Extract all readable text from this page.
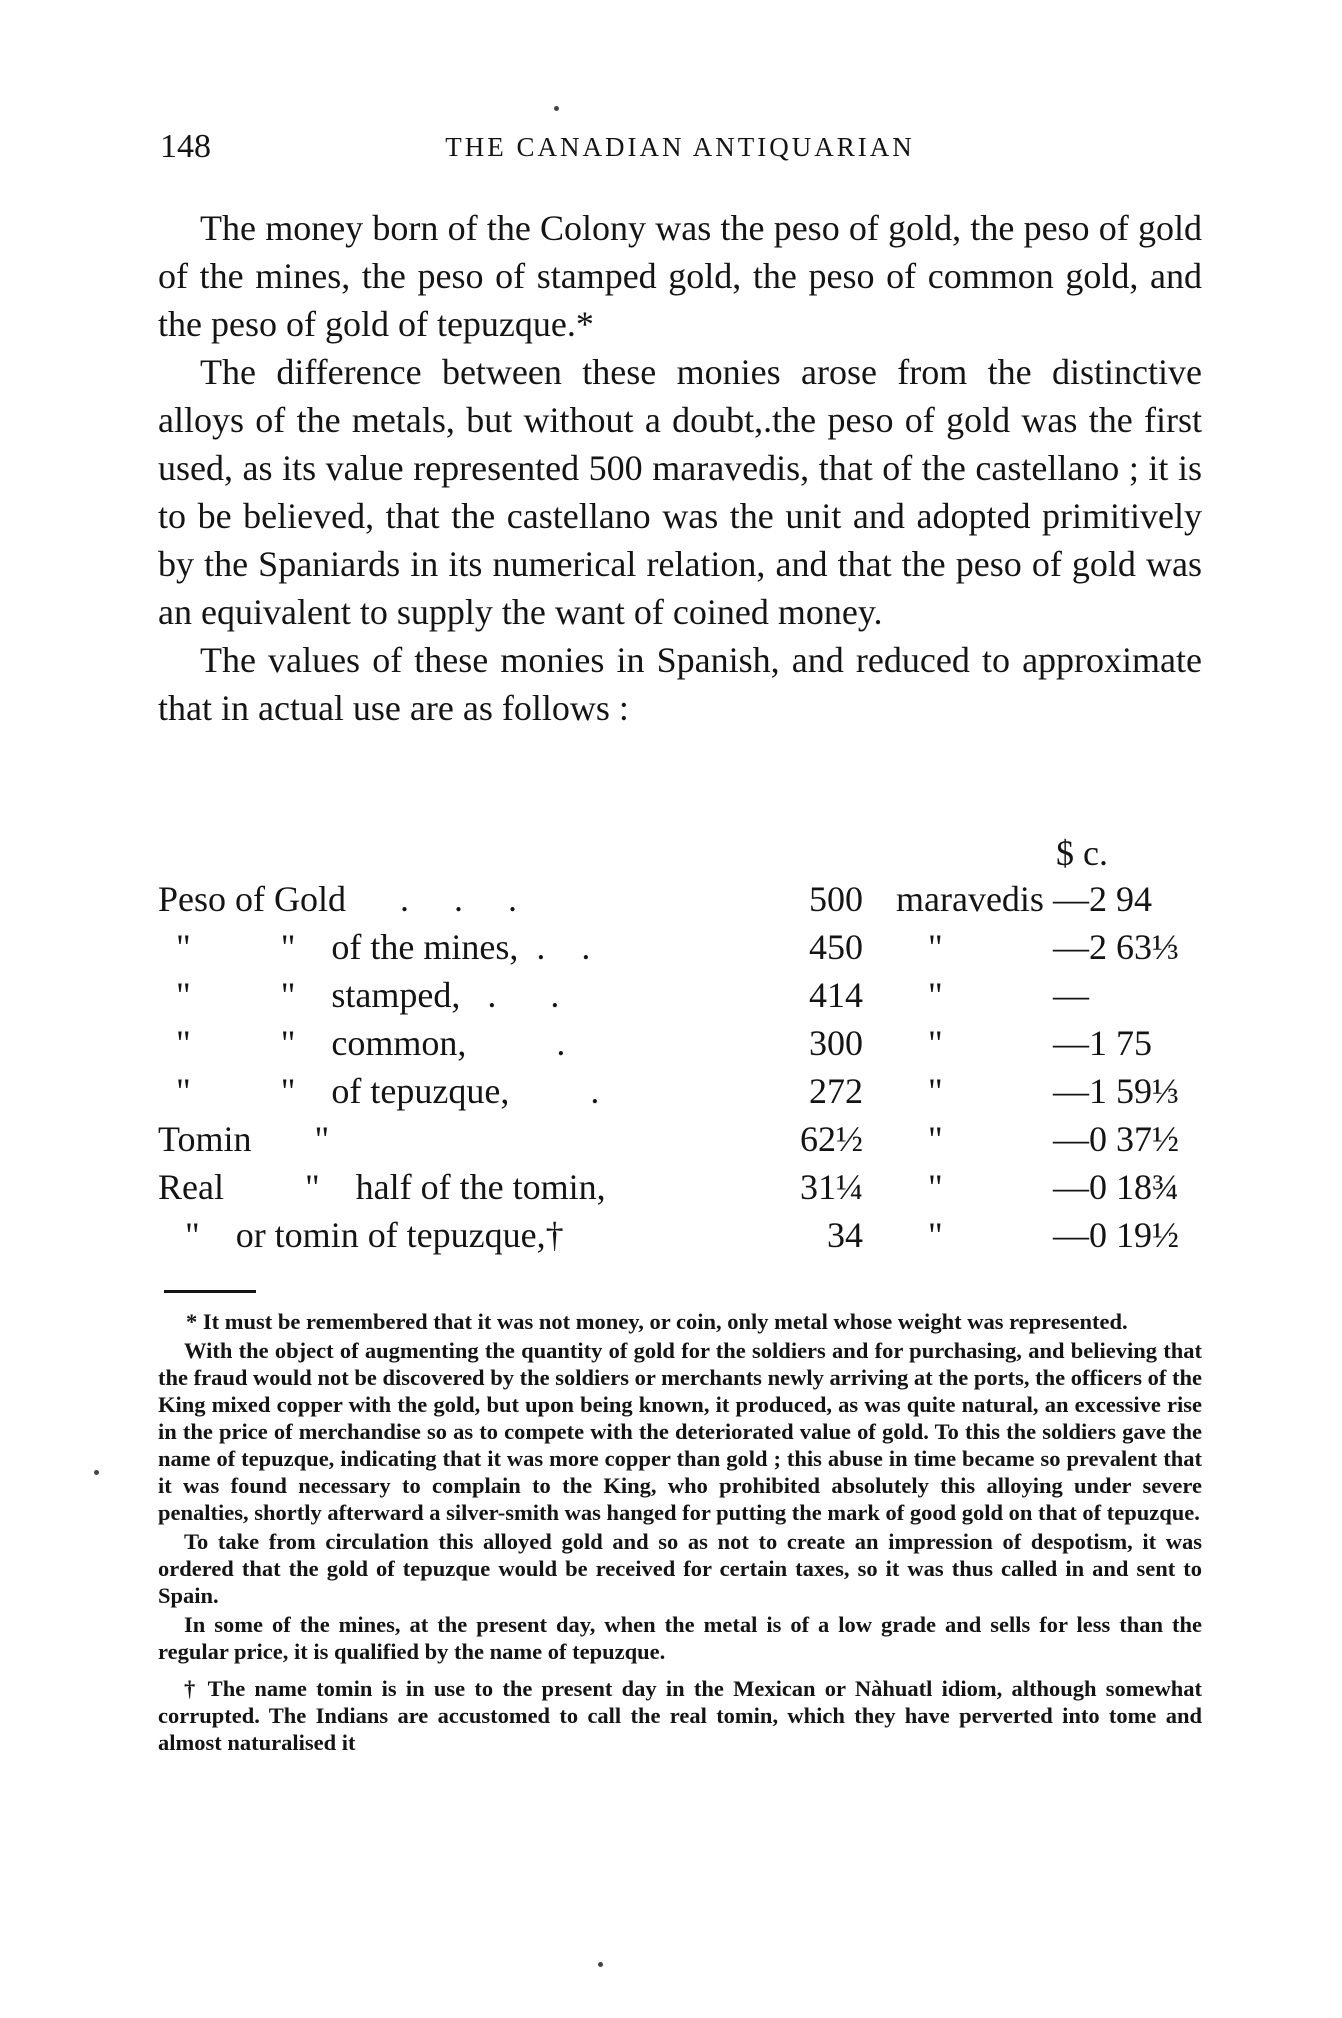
148	THE CANADIAN ANTIQUARIAN

The money born of the Colony was the peso of gold, the peso of gold of the mines, the peso of stamped gold, the peso of common gold, and the peso of gold of tepuzque.*

The difference between these monies arose from the distinctive alloys of the metals, but without a doubt,.the peso of gold was the first used, as its value represented 500 maravedis, that of the castellano ; it is to be believed, that the castellano was the unit and adopted primitively by the Spaniards in its numerical relation, and that the peso of gold was an equivalent to supply the want of coined money.

The values of these monies in Spanish, and reduced to approximate that in actual use are as follows :

$ c.
Peso of Gold      .     .     .	500 maravedis —2 94
"          "    of the mines,  .    .	450 "	—2 63⅓
"          "    stamped,   .      .	414 "	—
"          "    common,          .	300 "	—1 75
"          "    of tepuzque,         .	272 "	—1 59⅓
Tomin       "	62½ "	—0 37½
Real         "    half of the tomin,	31¼ "	—0 18¾
"    or tomin of tepuzque,†	34 "	—0 19½

* It must be remembered that it was not money, or coin, only metal whose weight was represented.

With the object of augmenting the quantity of gold for the soldiers and for purchasing, and believing that the fraud would not be discovered by the soldiers or merchants newly arriving at the ports, the officers of the King mixed copper with the gold, but upon being known, it produced, as was quite natural, an excessive rise in the price of merchandise so as to compete with the deteriorated value of gold. To this the soldiers gave the name of tepuzque, indicating that it was more copper than gold ; this abuse in time became so prevalent that it was found necessary to complain to the King, who prohibited absolutely this alloying under severe penalties, shortly afterward a silver-smith was hanged for putting the mark of good gold on that of tepuzque.

To take from circulation this alloyed gold and so as not to create an impression of despotism, it was ordered that the gold of tepuzque would be received for certain taxes, so it was thus called in and sent to Spain.

In some of the mines, at the present day, when the metal is of a low grade and sells for less than the regular price, it is qualified by the name of tepuzque.

† The name tomin is in use to the present day in the Mexican or Nàhuatl idiom, although somewhat corrupted. The Indians are accustomed to call the real tomin, which they have perverted into tome and almost naturalised it
